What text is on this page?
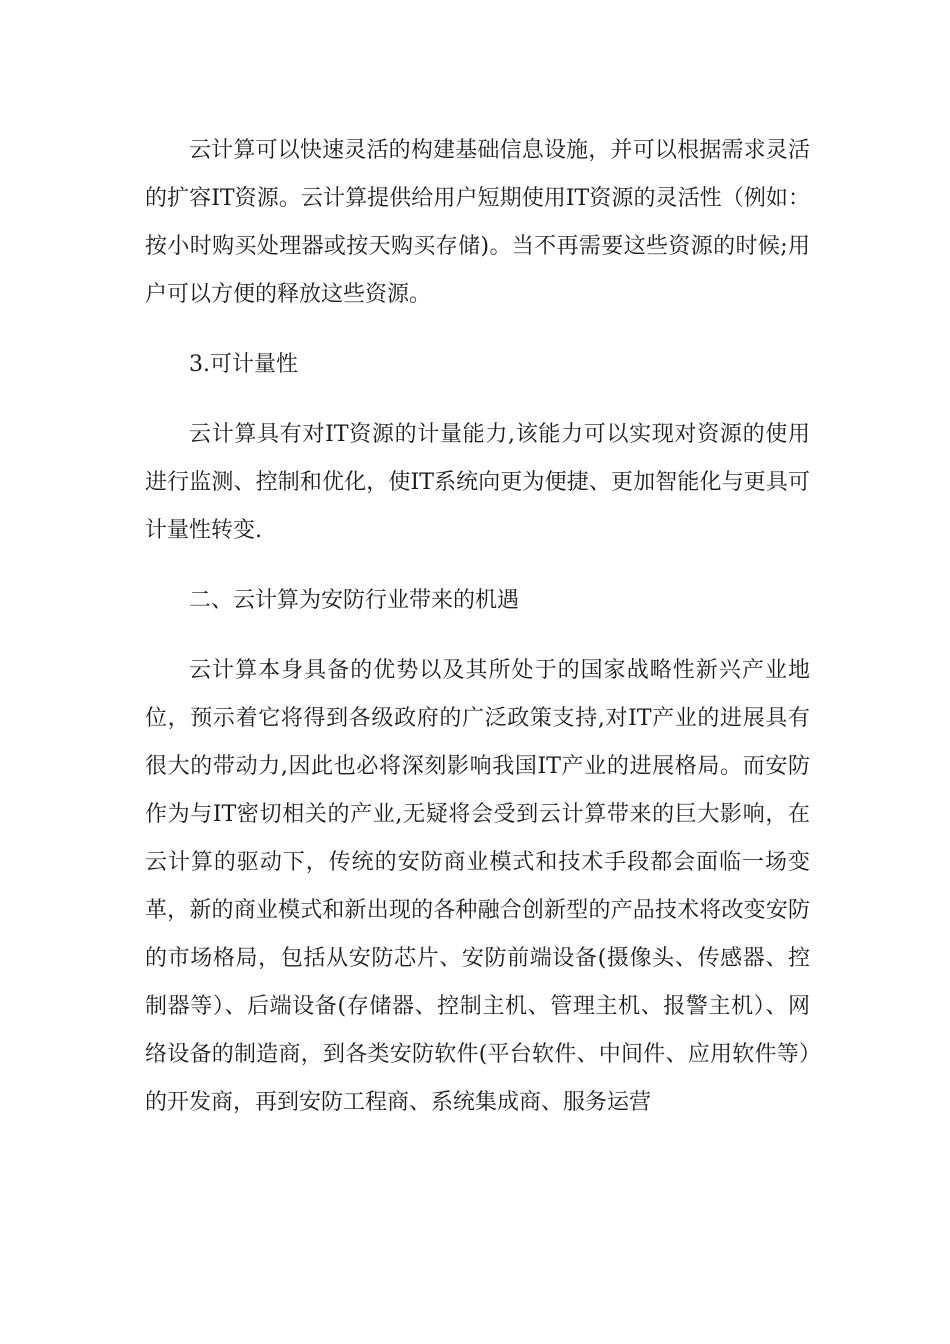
云计算可以快速灵活的构建基础信息设施，并可以根据需求灵活的扩容IT资源。云计算提供给用户短期使用IT资源的灵活性（例如：按小时购买处理器或按天购买存储)。当不再需要这些资源的时候;用户可以方便的释放这些资源。

3.可计量性

云计算具有对IT资源的计量能力,该能力可以实现对资源的使用进行监测、控制和优化，使IT系统向更为便捷、更加智能化与更具可计量性转变.

二、云计算为安防行业带来的机遇

云计算本身具备的优势以及其所处于的国家战略性新兴产业地位，预示着它将得到各级政府的广泛政策支持,对IT产业的进展具有很大的带动力,因此也必将深刻影响我国IT产业的进展格局。而安防作为与IT密切相关的产业,无疑将会受到云计算带来的巨大影响，在云计算的驱动下，传统的安防商业模式和技术手段都会面临一场变革，新的商业模式和新出现的各种融合创新型的产品技术将改变安防的市场格局，包括从安防芯片、安防前端设备(摄像头、传感器、控制器等）、后端设备(存储器、控制主机、管理主机、报警主机）、网络设备的制造商，到各类安防软件(平台软件、中间件、应用软件等）的开发商，再到安防工程商、系统集成商、服务运营
